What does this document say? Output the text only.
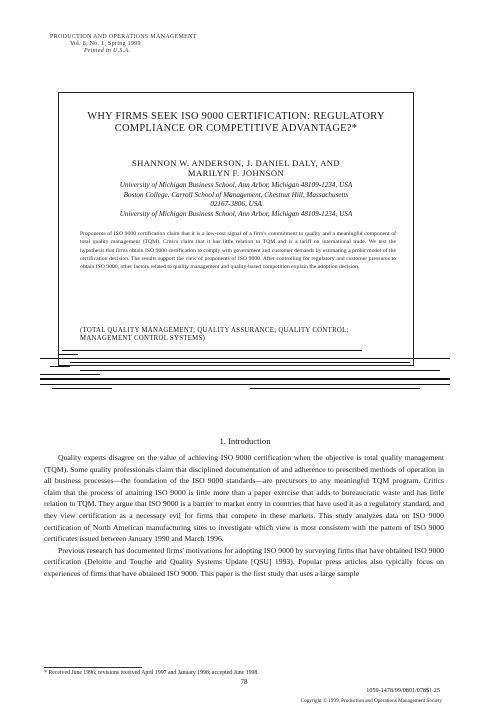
PRODUCTION AND OPERATIONS MANAGEMENT
Vol. 8, No. 1, Spring 1999
Printed in U.S.A.
WHY FIRMS SEEK ISO 9000 CERTIFICATION: REGULATORY COMPLIANCE OR COMPETITIVE ADVANTAGE?*
SHANNON W. ANDERSON, J. DANIEL DALY, AND
MARILYN F. JOHNSON
University of Michigan Business School, Ann Arbor, Michigan 48109-1234, USA
Boston College, Carroll School of Management, Chestnut Hill, Massachusetts
02167-3806, USA
University of Michigan Business School, Ann Arbor, Michigan 48109-1234, USA
Proponents of ISO 9000 certification claim that it is a low-cost signal of a firm's commitment to quality and a meaningful component of total quality management (TQM). Critics claim that it has little relation to TQM and is a tariff on international trade. We test the hypothesis that firms obtain ISO 9000 certification to comply with government and customer demands by estimating a probit model of the certification decision. The results support the view of proponents of ISO 9000. After controlling for regulatory and customer pressures to obtain ISO 9000, other factors related to quality management and quality-based competition explain the adoption decision.
(TOTAL QUALITY MANAGEMENT; QUALITY ASSURANCE; QUALITY CONTROL; MANAGEMENT CONTROL SYSTEMS)
1. Introduction

Quality experts disagree on the value of achieving ISO 9000 certification when the objective is total quality management (TQM). Some quality professionals claim that disciplined documentation of and adherence to prescribed methods of operation in all business processes—the foundation of the ISO 9000 standards—are precursors to any meaningful TQM program. Critics claim that the process of attaining ISO 9000 is little more than a paper exercise that adds to bureaucratic waste and has little relation to TQM. They argue that ISO 9000 is a barrier to market entry in countries that have used it as a regulatory standard, and they view certification as a necessary evil for firms that compete in these markets. This study analyzes data on ISO 9000 certification of North American manufacturing sites to investigate which view is most consistent with the pattern of ISO 9000 certificates issued between January 1990 and March 1996.

Previous research has documented firms' motivations for adopting ISO 9000 by surveying firms that have obtained ISO 9000 certification (Deloitte and Touche and Quality Systems Update [QSU] 1993). Popular press articles also typically focus on experiences of firms that have obtained ISO 9000. This paper is the first study that uses a large sample

* Received June 1996; revisions received April 1997 and January 1998; accepted June 1998.
78
1059-1478/99/0801/078$1.25
Copyright © 1999, Production and Operations Management Society
